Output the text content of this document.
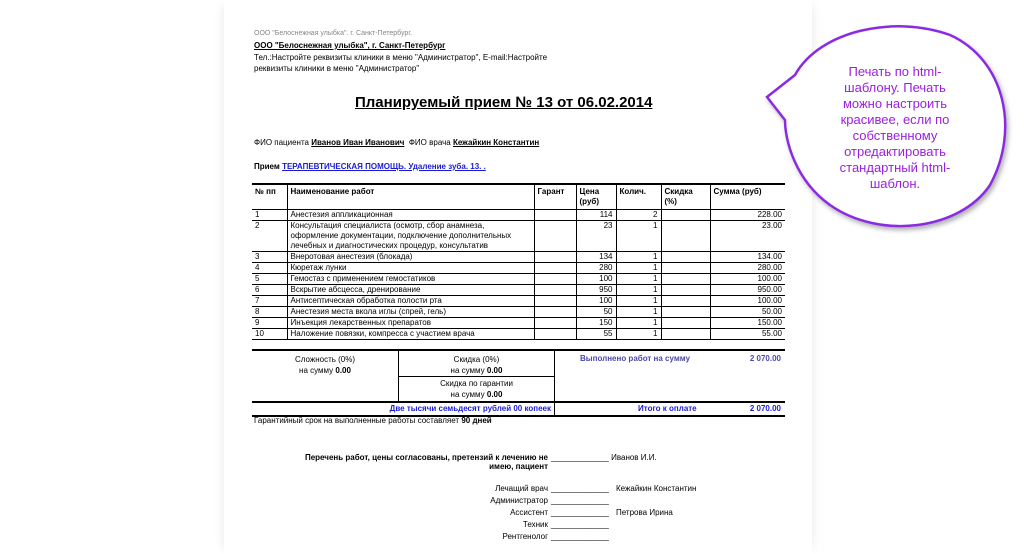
ООО "Белоснежная улыбка". г. Санкт-Петербург.
ООО "Белоснежная улыбка", г. Санкт-Петербург
Тел.:Настройте реквизиты клиники в меню "Администратор", E-mail:Настройте
реквизиты клиники в меню "Администратор"
Планируемый прием № 13 от 06.02.2014
ФИО пациента Иванов Иван Иванович ФИО врача Кежайкин Константин
Прием ТЕРАПЕВТИЧЕСКАЯ ПОМОЩЬ. Удаление зуба. 13. .
№ пп	Наименование работ	Гарант	Цена (руб)	Колич.	Скидка (%)	Сумма (руб)
1	Анестезия аппликационная		114	2		228.00
2	Консультация специалиста (осмотр, сбор анамнеза, оформление документации, подключение дополнительных лечебных и диагностических процедур, консультатив		23	1		23.00
3	Внеротовая анестезия (блокада)		134	1		134.00
4	Кюретаж лунки		280	1		280.00
5	Гемостаз с применением гемостатиков		100	1		100.00
6	Вскрытие абсцесса, дренирование		950	1		950.00
7	Антисептическая обработка полости рта		100	1		100.00
8	Анестезия места вкола иглы (спрей, гель)		50	1		50.00
9	Инъекция лекарственных препаратов		150	1		150.00
10	Наложение повязки, компресса с участием врача		55	1		55.00
Сложность (0%)
на сумму 0.00
Скидка (0%)
на сумму 0.00
Скидка по гарантии
на сумму 0.00
Выполнено работ на сумму	2 070.00
Две тысячи семьдесят рублей 00 копеек	Итого к оплате	2 070.00
Гарантийный срок на выполненные работы составляет 90 дней
Перечень работ, цены согласованы, претензий к лечению не
имею, пациент
_____________ Иванов И.И.
Лечащий врач _____________ Кежайкин Константин
Администратор _____________
Ассистент _____________ Петрова Ирина
Техник _____________
Рентгенолог _____________
Печать по html-
шаблону. Печать
можно настроить
красивее, если по
собственному
отредактировать
стандартный html-
шаблон.
